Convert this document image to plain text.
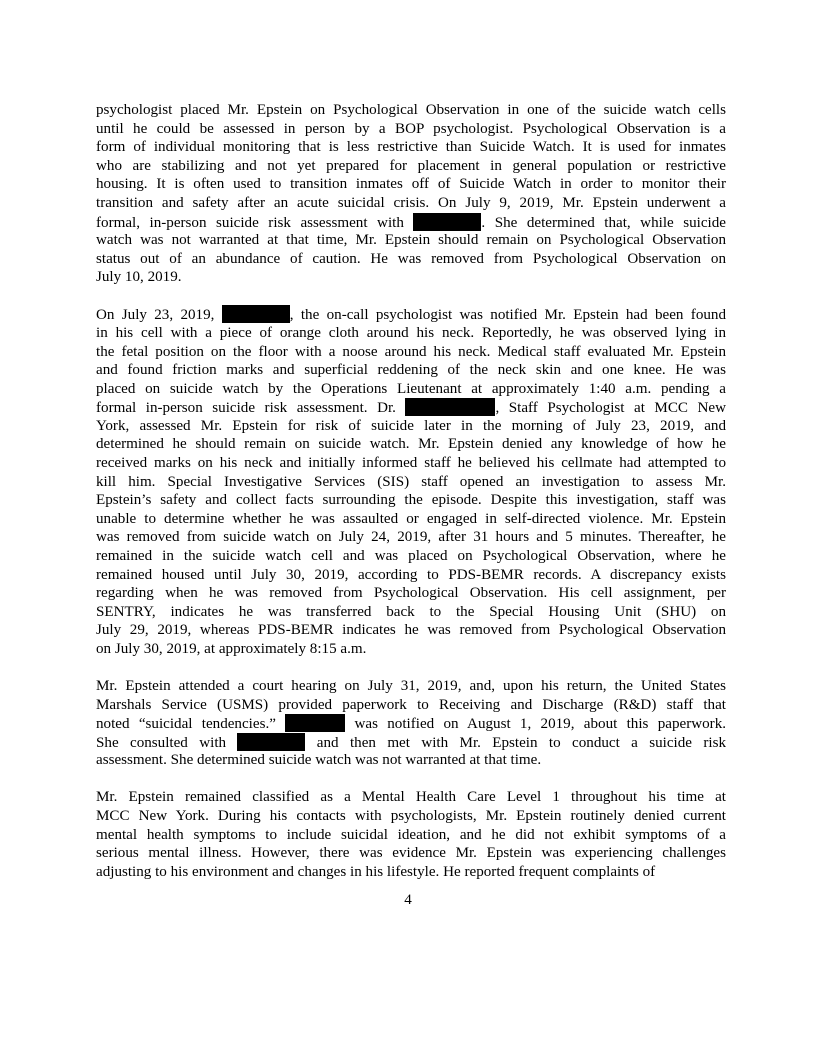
psychologist placed Mr. Epstein on Psychological Observation in one of the suicide watch cells
until he could be assessed in person by a BOP psychologist. Psychological Observation is a
form of individual monitoring that is less restrictive than Suicide Watch. It is used for inmates
who are stabilizing and not yet prepared for placement in general population or restrictive
housing. It is often used to transition inmates off of Suicide Watch in order to monitor their
transition and safety after an acute suicidal crisis. On July 9, 2019, Mr. Epstein underwent a
formal, in-person suicide risk assessment with	. She determined that, while suicide
watch was not warranted at that time, Mr. Epstein should remain on Psychological Observation
status out of an abundance of caution. He was removed from Psychological Observation on
July 10, 2019.
On July 23, 2019,	, the on-call psychologist was notified Mr. Epstein had been found
in his cell with a piece of orange cloth around his neck. Reportedly, he was observed lying in
the fetal position on the floor with a noose around his neck. Medical staff evaluated Mr. Epstein
and found friction marks and superficial reddening of the neck skin and one knee. He was
placed on suicide watch by the Operations Lieutenant at approximately 1:40 a.m. pending a
formal in-person suicide risk assessment. Dr.	, Staff Psychologist at MCC New
York, assessed Mr. Epstein for risk of suicide later in the morning of July 23, 2019, and
determined he should remain on suicide watch. Mr. Epstein denied any knowledge of how he
received marks on his neck and initially informed staff he believed his cellmate had attempted to
kill him. Special Investigative Services (SIS) staff opened an investigation to assess Mr.
Epstein’s safety and collect facts surrounding the episode. Despite this investigation, staff was
unable to determine whether he was assaulted or engaged in self-directed violence. Mr. Epstein
was removed from suicide watch on July 24, 2019, after 31 hours and 5 minutes. Thereafter, he
remained in the suicide watch cell and was placed on Psychological Observation, where he
remained housed until July 30, 2019, according to PDS-BEMR records. A discrepancy exists
regarding when he was removed from Psychological Observation. His cell assignment, per
SENTRY, indicates he was transferred back to the Special Housing Unit (SHU) on
July 29, 2019, whereas PDS-BEMR indicates he was removed from Psychological Observation
on July 30, 2019, at approximately 8:15 a.m.
Mr. Epstein attended a court hearing on July 31, 2019, and, upon his return, the United States
Marshals Service (USMS) provided paperwork to Receiving and Discharge (R&D) staff that
noted “suicidal tendencies.”	was notified on August 1, 2019, about this paperwork.
She consulted with	and then met with Mr. Epstein to conduct a suicide risk
assessment. She determined suicide watch was not warranted at that time.
Mr. Epstein remained classified as a Mental Health Care Level 1 throughout his time at
MCC New York. During his contacts with psychologists, Mr. Epstein routinely denied current
mental health symptoms to include suicidal ideation, and he did not exhibit symptoms of a
serious mental illness. However, there was evidence Mr. Epstein was experiencing challenges
adjusting to his environment and changes in his lifestyle. He reported frequent complaints of
4
